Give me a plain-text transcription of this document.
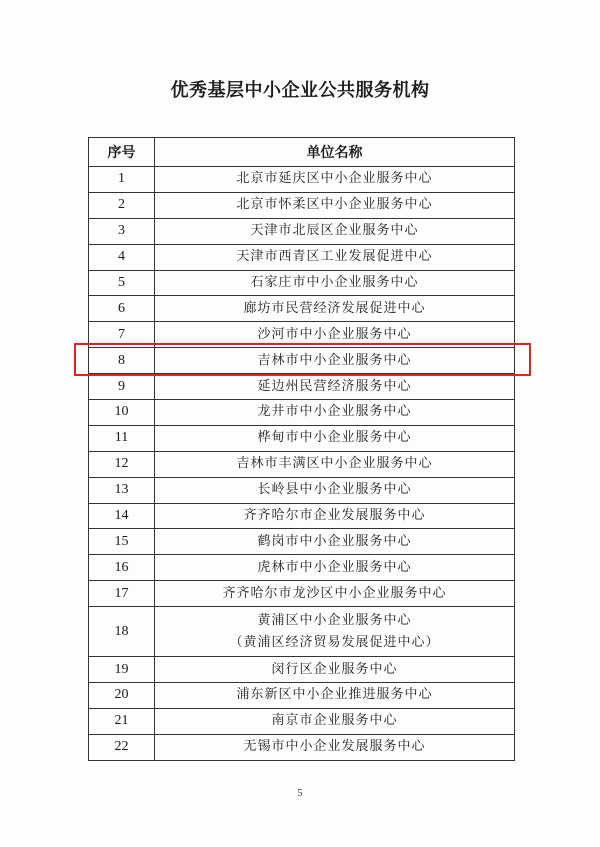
优秀基层中小企业公共服务机构
序号	单位名称
1	北京市延庆区中小企业服务中心

2	北京市怀柔区中小企业服务中心

3	天津市北辰区企业服务中心

4	天津市西青区工业发展促进中心

5	石家庄市中小企业服务中心

6	廊坊市民营经济发展促进中心

7	沙河市中小企业服务中心

8	吉林市中小企业服务中心

9	延边州民营经济服务中心

10	龙井市中小企业服务中心

11	桦甸市中小企业服务中心

12	吉林市丰满区中小企业服务中心

13	长岭县中小企业服务中心

14	齐齐哈尔市企业发展服务中心

15	鹤岗市中小企业服务中心

16	虎林市中小企业服务中心

17	齐齐哈尔市龙沙区中小企业服务中心

18	黄浦区中小企业服务中心
（黄浦区经济贸易发展促进中心）

19	闵行区企业服务中心

20	浦东新区中小企业推进服务中心

21	南京市企业服务中心

22	无锡市中小企业发展服务中心
5
